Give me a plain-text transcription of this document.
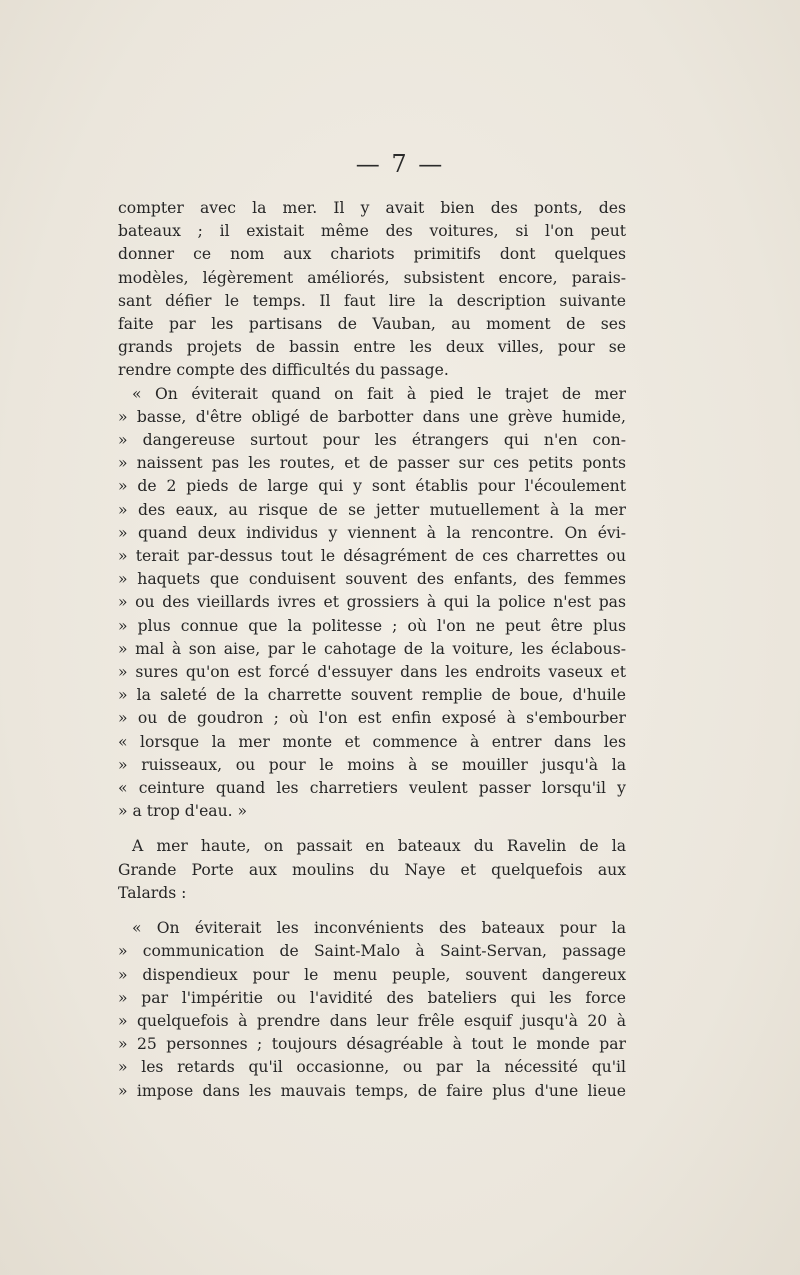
— 7 —
compter avec la mer. Il y avait bien des ponts, des
bateaux ; il existait même des voitures, si l'on peut
donner ce nom aux chariots primitifs dont quelques
modèles, légèrement améliorés, subsistent encore, parais-
sant défier le temps. Il faut lire la description suivante
faite par les partisans de Vauban, au moment de ses
grands projets de bassin entre les deux villes, pour se
rendre compte des difficultés du passage.
« On éviterait quand on fait à pied le trajet de mer
» basse, d'être obligé de barbotter dans une grève humide,
» dangereuse surtout pour les étrangers qui n'en con-
» naissent pas les routes, et de passer sur ces petits ponts
» de 2 pieds de large qui y sont établis pour l'écoulement
» des eaux, au risque de se jetter mutuellement à la mer
» quand deux individus y viennent à la rencontre. On évi-
» terait par-dessus tout le désagrément de ces charrettes ou
» haquets que conduisent souvent des enfants, des femmes
» ou des vieillards ivres et grossiers à qui la police n'est pas
» plus connue que la politesse ; où l'on ne peut être plus
» mal à son aise, par le cahotage de la voiture, les éclabous-
» sures qu'on est forcé d'essuyer dans les endroits vaseux et
» la saleté de la charrette souvent remplie de boue, d'huile
» ou de goudron ; où l'on est enfin exposé à s'embourber
« lorsque la mer monte et commence à entrer dans les
» ruisseaux, ou pour le moins à se mouiller jusqu'à la
« ceinture quand les charretiers veulent passer lorsqu'il y
» a trop d'eau. »
A mer haute, on passait en bateaux du Ravelin de la
Grande Porte aux moulins du Naye et quelquefois aux
Talards :
« On éviterait les inconvénients des bateaux pour la
» communication de Saint-Malo à Saint-Servan, passage
» dispendieux pour le menu peuple, souvent dangereux
» par l'impéritie ou l'avidité des bateliers qui les force
» quelquefois à prendre dans leur frêle esquif jusqu'à 20 à
» 25 personnes ; toujours désagréable à tout le monde par
» les retards qu'il occasionne, ou par la nécessité qu'il
» impose dans les mauvais temps, de faire plus d'une lieue
